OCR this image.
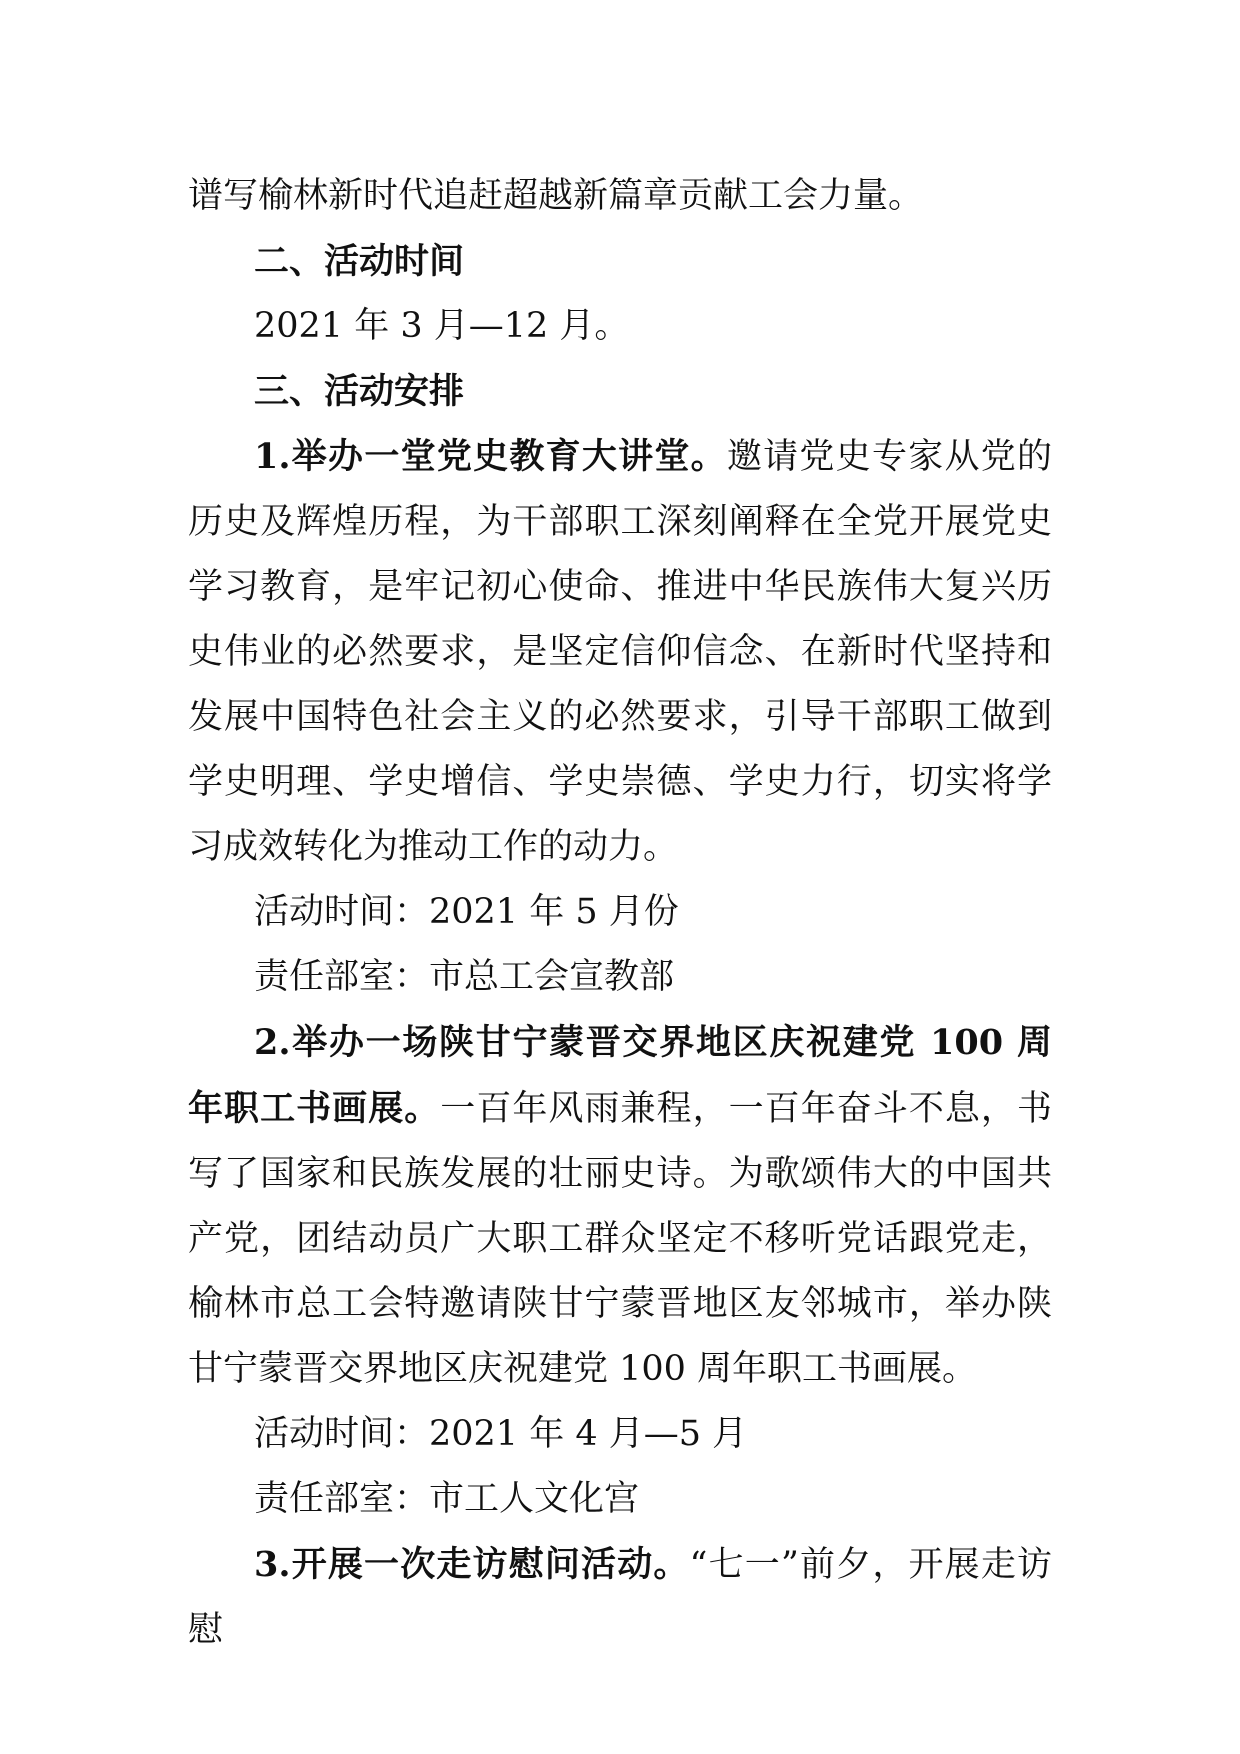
谱写榆林新时代追赶超越新篇章贡献工会力量。

二、活动时间

2021 年 3 月—12 月。

三、活动安排

1.举办一堂党史教育大讲堂。邀请党史专家从党的历史及辉煌历程，为干部职工深刻阐释在全党开展党史学习教育，是牢记初心使命、推进中华民族伟大复兴历史伟业的必然要求，是坚定信仰信念、在新时代坚持和发展中国特色社会主义的必然要求，引导干部职工做到学史明理、学史增信、学史崇德、学史力行，切实将学习成效转化为推动工作的动力。

活动时间：2021 年 5 月份

责任部室：市总工会宣教部

2.举办一场陕甘宁蒙晋交界地区庆祝建党 100 周年职工书画展。一百年风雨兼程，一百年奋斗不息，书写了国家和民族发展的壮丽史诗。为歌颂伟大的中国共产党，团结动员广大职工群众坚定不移听党话跟党走，榆林市总工会特邀请陕甘宁蒙晋地区友邻城市，举办陕甘宁蒙晋交界地区庆祝建党 100 周年职工书画展。

活动时间：2021 年 4 月—5 月

责任部室：市工人文化宫

3.开展一次走访慰问活动。“七一”前夕，开展走访慰
